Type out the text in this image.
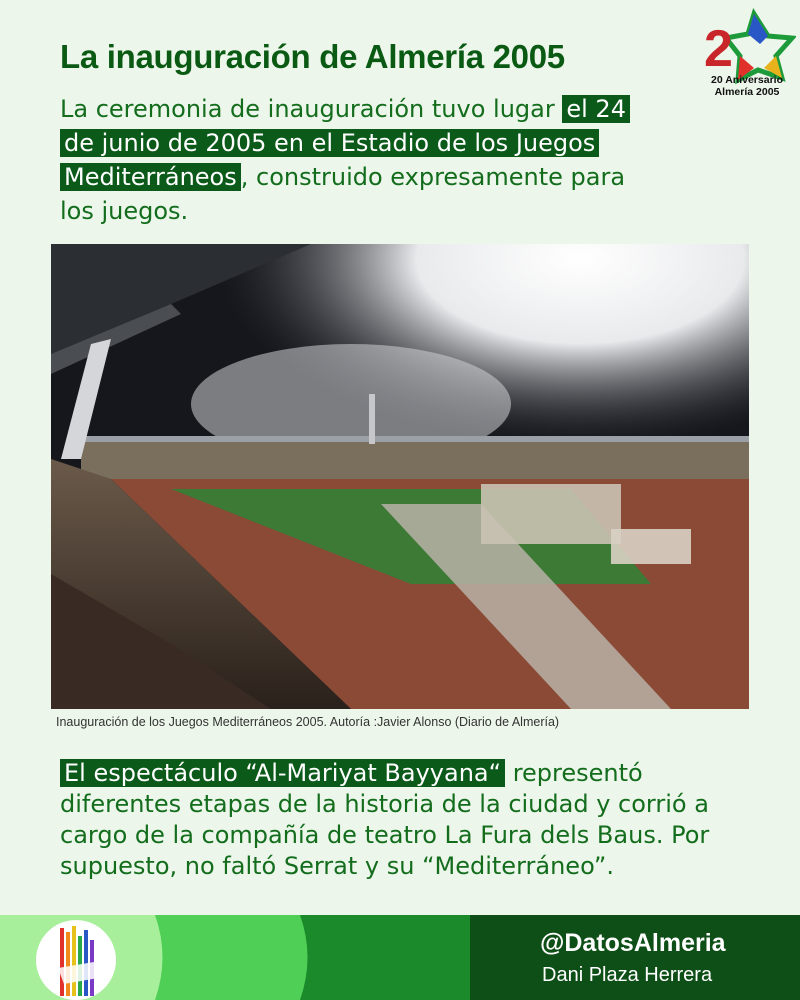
La inauguración de Almería 2005	2
20 Aniversario
Almería 2005

La ceremonia de inauguración tuvo lugar el 24 de junio de 2005 en el Estadio de los Juegos Mediterráneos , construido expresamente para los juegos.

Inauguración de los Juegos Mediterráneos 2005. Autoría :Javier Alonso (Diario de Almería)

El espectáculo “Al-Mariyat Bayyana“ representó diferentes etapas de la historia de la ciudad y corrió a cargo de la compañía de teatro La Fura dels Baus. Por supuesto, no faltó Serrat y su “Mediterráneo”.

@DatosAlmeria
Dani Plaza Herrera
